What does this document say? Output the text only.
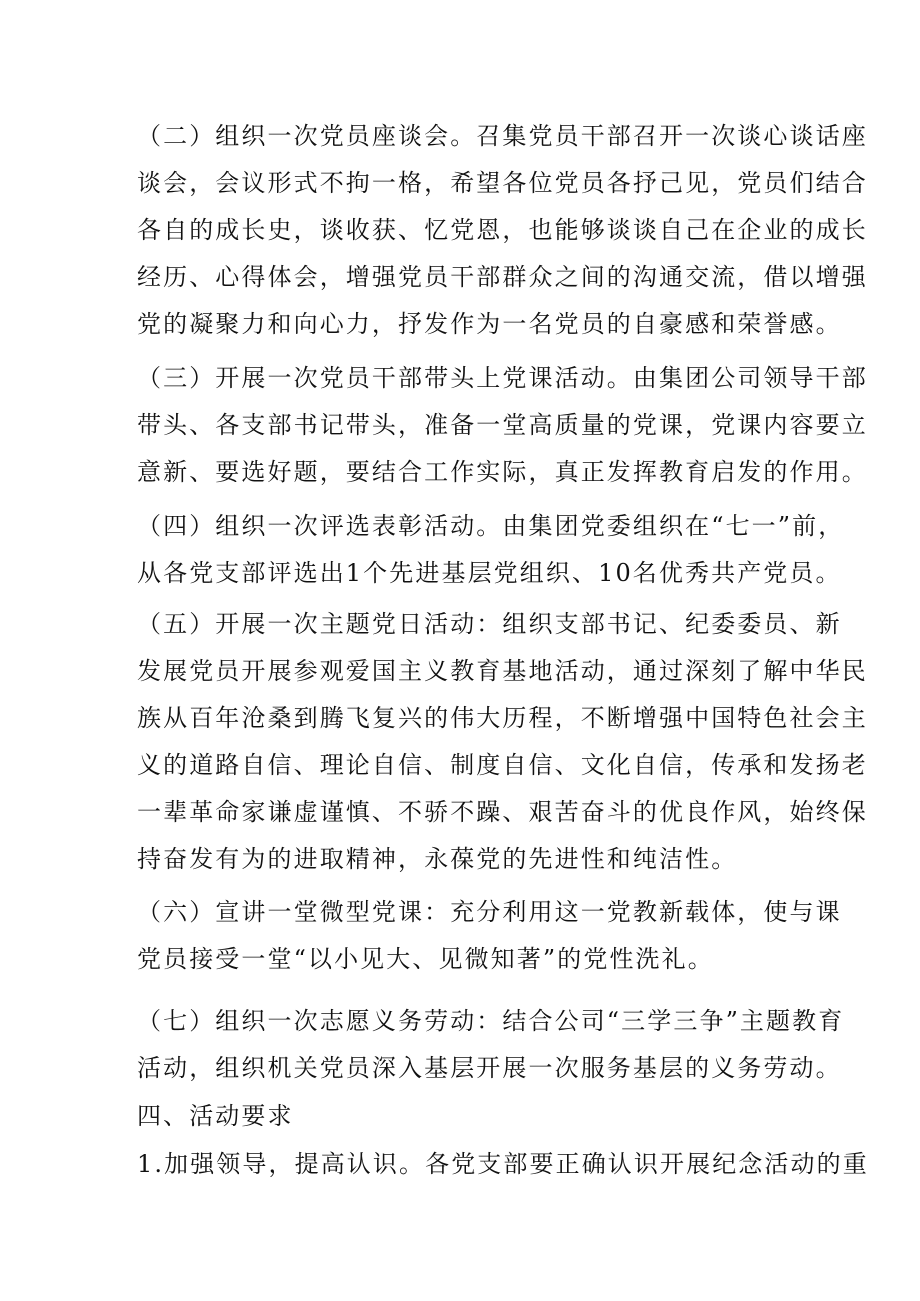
（二）组织一次党员座谈会。召集党员干部召开一次谈心谈话座
谈会，会议形式不拘一格，希望各位党员各抒己见，党员们结合
各自的成长史，谈收获、忆党恩，也能够谈谈自己在企业的成长
经历、心得体会，增强党员干部群众之间的沟通交流，借以增强
党的凝聚力和向心力，抒发作为一名党员的自豪感和荣誉感。
（三）开展一次党员干部带头上党课活动。由集团公司领导干部
带头、各支部书记带头，准备一堂高质量的党课，党课内容要立
意新、要选好题，要结合工作实际，真正发挥教育启发的作用。
（四）组织一次评选表彰活动。由集团党委组织在“七一”前，
从各党支部评选出1个先进基层党组织、10名优秀共产党员。
（五）开展一次主题党日活动：组织支部书记、纪委委员、新
发展党员开展参观爱国主义教育基地活动，通过深刻了解中华民
族从百年沧桑到腾飞复兴的伟大历程，不断增强中国特色社会主
义的道路自信、理论自信、制度自信、文化自信，传承和发扬老
一辈革命家谦虚谨慎、不骄不躁、艰苦奋斗的优良作风，始终保
持奋发有为的进取精神，永葆党的先进性和纯洁性。
（六）宣讲一堂微型党课：充分利用这一党教新载体，使与课
党员接受一堂“以小见大、见微知著”的党性洗礼。
（七）组织一次志愿义务劳动：结合公司“三学三争”主题教育
活动，组织机关党员深入基层开展一次服务基层的义务劳动。
四、活动要求
1.加强领导，提高认识。各党支部要正确认识开展纪念活动的重
